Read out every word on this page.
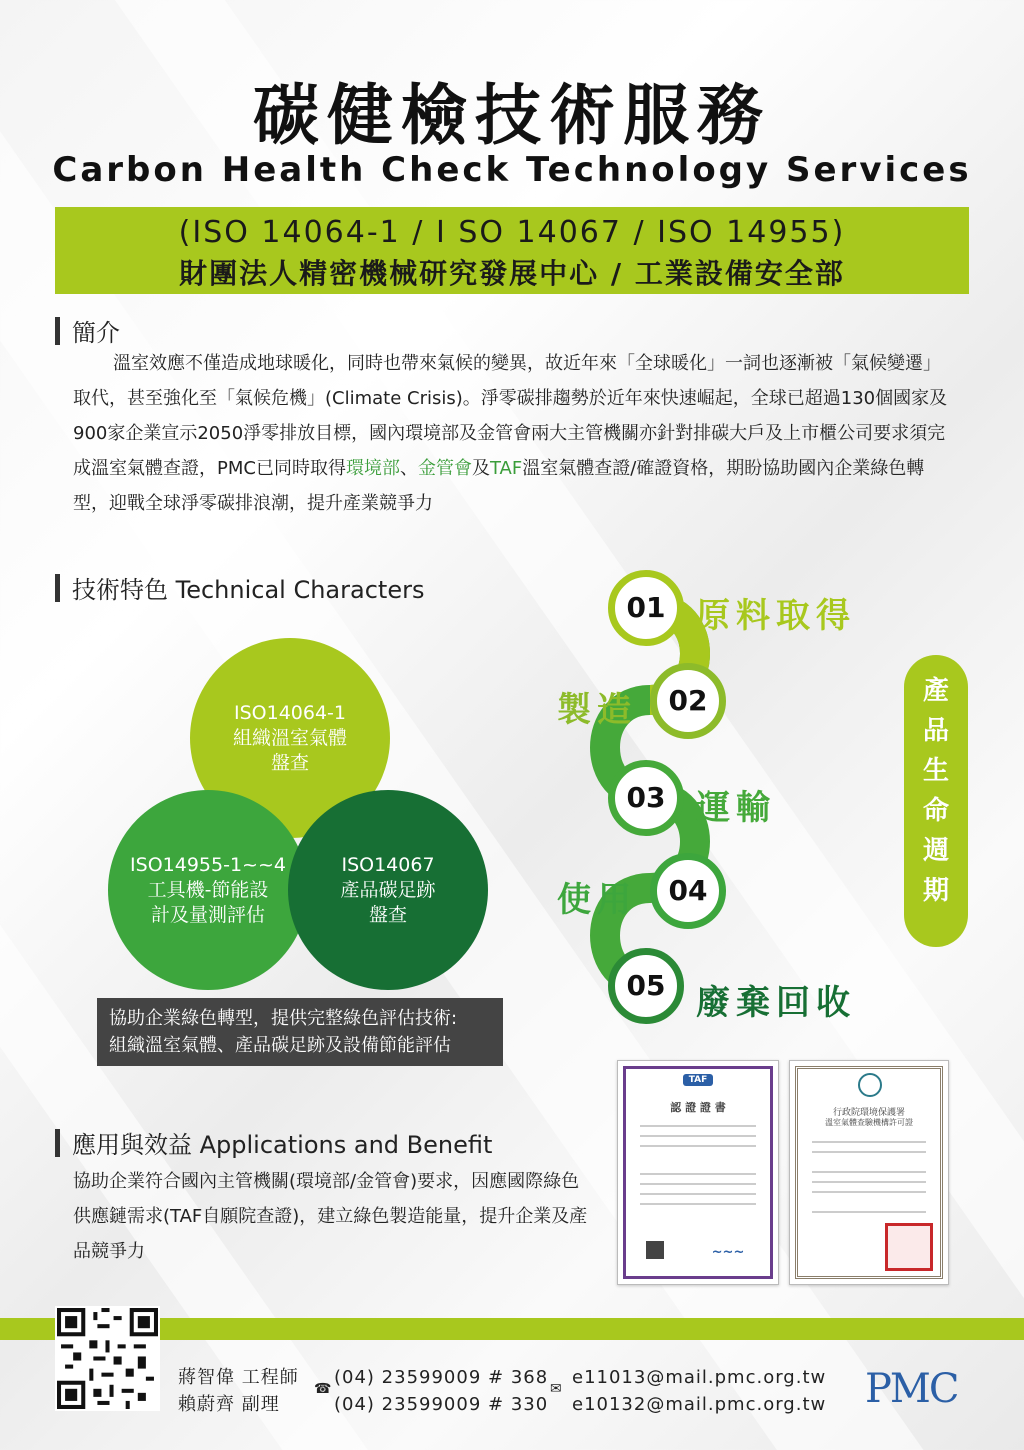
碳健檢技術服務
Carbon Health Check Technology Services
(ISO 14064-1 / I SO 14067 / ISO 14955)
財團法人精密機械研究發展中心 / 工業設備安全部
簡介
溫室效應不僅造成地球暖化，同時也帶來氣候的變異，故近年來「全球暖化」一詞也逐漸被「氣候變遷」取代，甚至強化至「氣候危機」(Climate Crisis)。淨零碳排趨勢於近年來快速崛起，全球已超過130個國家及900家企業宣示2050淨零排放目標，國內環境部及金管會兩大主管機關亦針對排碳大戶及上市櫃公司要求須完成溫室氣體查證，PMC已同時取得環境部、金管會及TAF溫室氣體查證/確證資格，期盼協助國內企業綠色轉型，迎戰全球淨零碳排浪潮，提升產業競爭力
技術特色 Technical Characters
ISO14064-1
組織溫室氣體
盤查
ISO14955-1~~4
工具機-節能設
計及量測評估
ISO14067
產品碳足跡
盤查
協助企業綠色轉型，提供完整綠色評估技術:
組織溫室氣體、產品碳足跡及設備節能評估
01 原料取得
02
製造
03 運輸
04
使用
05 廢棄回收
產
品
生
命
週
期
TAF
認 證 證 書
~~~
行政院環境保護署
溫室氣體查驗機構許可證
應用與效益 Applications and Benefit
協助企業符合國內主管機關(環境部/金管會)要求，因應國際綠色供應鏈需求(TAF自願院查證)，建立綠色製造能量，提升企業及產品競爭力
蔣智偉 工程師
賴蔚齊 副理
☎
(04) 23599009 # 368
(04) 23599009 # 330
✉
e11013@mail.pmc.org.tw
e10132@mail.pmc.org.tw PMC
